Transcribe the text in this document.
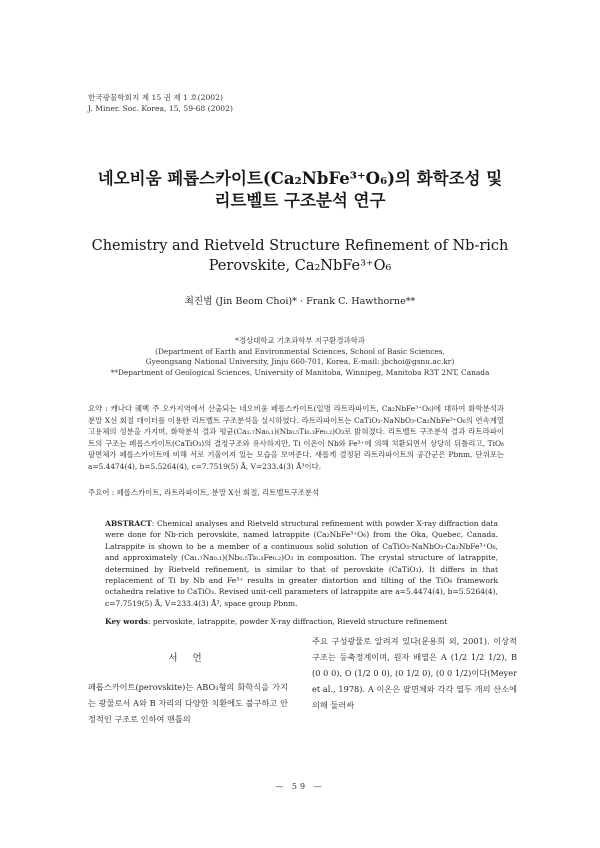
한국광물학회지 제 15 권 제 1 호(2002)
J. Miner. Soc. Korea, 15, 59-68 (2002)
네오비움 페롭스카이트(Ca₂NbFe³⁺O₆)의 화학조성 및
리트벨트 구조분석 연구
Chemistry and Rietveld Structure Refinement of Nb-rich
Perovskite, Ca₂NbFe³⁺O₆
최진범 (Jin Beom Choi)* · Frank C. Hawthorne**
*경상대학교 기초과학부 지구환경과학과
(Department of Earth and Environmental Sciences, School of Basic Sciences,
Gyeongsang National University, Jinju 660-701, Korea, E-mail: jbchoi@gsnu.ac.kr)
**Department of Geological Sciences, University of Manitoba, Winnipeg, Manitoba R3T 2NT, Canada
요약 : 캐나다 퀘벡 주 오카지역에서 산출되는 네오비움 페롭스카이트(일명 라트라파이트, Ca₂NbFe³⁺O₆)에 대하여 화학분석과 분말 X선 회절 데이터를 이용한 리트벨트 구조분석을 실시하였다. 라트라파이트는 CaTiO₃-NaNbO₃-Ca₂NbFe³⁺O₆의 연속계열 고용체의 성분을 가지며, 화학분석 결과 평균(Ca₁.₇Na₀.₁)(Nb₀.₅Ti₀.₃Fe₀.₂)O₃로 밝혀졌다. 리트벨트 구조분석 결과 라트라파이트의 구조는 페롭스카이트(CaTiO₃)의 결정구조와 유사하지만, Ti 이온이 Nb와 Fe³⁺에 의해 치환되면서 상당히 뒤틀리고, TiO₆ 팔면체가 페롭스카이트에 비해 서로 기울어져 있는 모습을 보여준다. 새롭게 결정된 라트라파이트의 공간군은 Pbnm, 단위포는 a=5.4474(4), b=5.5264(4), c=7.7519(5) Å, V=233.4(3) Å³이다.
주요어 : 페롭스카이트, 라트라파이트, 분말 X선 회절, 리트벨트구조분석
ABSTRACT: Chemical analyses and Rietveld structural refinement with powder X-ray diffraction data were done for Nb-rich perovskite, named latrappite (Ca₂NbFe³⁺O₆) from the Oka, Quebec, Canada. Latrappite is shown to be a member of a continuous solid solution of CaTiO₃-NaNbO₃-Ca₂NbFe³⁺O₆, and approximately (Ca₁.₇Na₀.₁)(Nb₀.₅Ti₀.₃Fe₀.₂)O₃ in composition. The crystal structure of latrappite, determined by Rietveld refinement, is similar to that of perovskite (CaTiO₃). It differs in that replacement of Ti by Nb and Fe³⁺ results in greater distortion and tilting of the TiO₆ framework octahedra relative to CaTiO₃. Revised unit-cell parameters of latrappite are a=5.4474(4), b=5.5264(4), c=7.7519(5) Å, V=233.4(3) Å³, space group Pbnm.
Key words: pervoskite, latrappite, powder X-ray diffraction, Rieveld structure refinement
서 언
페롭스카이트(perovskite)는 ABO₃형의 화학식을 가지는 광물로서 A와 B 자리의 다양한 치환에도 불구하고 안정적인 구조로 인하여 맨틀의
주요 구성광물로 알려져 있다(문용희 외, 2001). 이상적 구조는 등축정계이며, 원자 배열은 A (1/2 1/2 1/2), B (0 0 0), O (1/2 0 0), (0 1/2 0), (0 0 1/2)이다(Meyer et al., 1978). A 이온은 팔면체와 각각 열두 개의 산소에 의해 둘러싸
— 59 —
